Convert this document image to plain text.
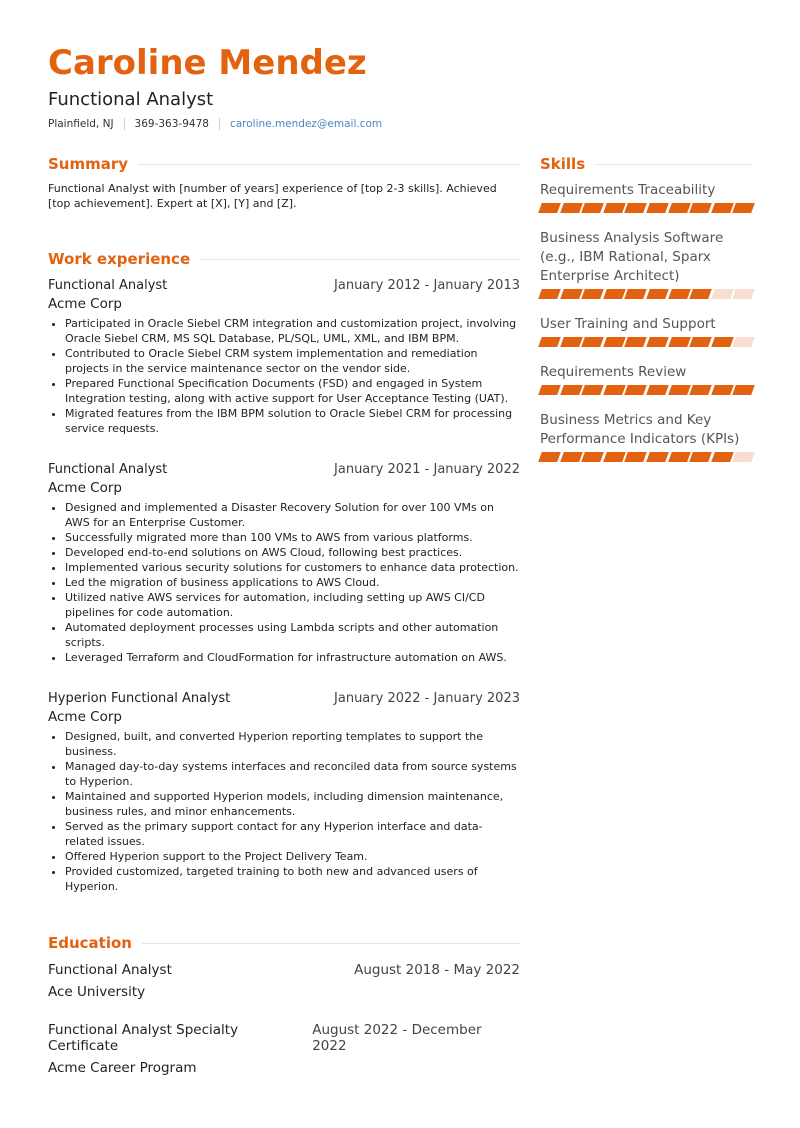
Caroline Mendez
Functional Analyst
Plainfield, NJ 369-363-9478 caroline.mendez@email.com
Summary
Functional Analyst with [number of years] experience of [top 2-3 skills]. Achieved [top achievement]. Expert at [X], [Y] and [Z].
Work experience
Functional Analyst	January 2012 - January 2013
Acme Corp
• Participated in Oracle Siebel CRM integration and customization project, involving Oracle Siebel CRM, MS SQL Database, PL/SQL, UML, XML, and IBM BPM.
• Contributed to Oracle Siebel CRM system implementation and remediation projects in the service maintenance sector on the vendor side.
• Prepared Functional Specification Documents (FSD) and engaged in System Integration testing, along with active support for User Acceptance Testing (UAT).
• Migrated features from the IBM BPM solution to Oracle Siebel CRM for processing service requests.
Functional Analyst	January 2021 - January 2022
Acme Corp
• Designed and implemented a Disaster Recovery Solution for over 100 VMs on AWS for an Enterprise Customer.
• Successfully migrated more than 100 VMs to AWS from various platforms.
• Developed end-to-end solutions on AWS Cloud, following best practices.
• Implemented various security solutions for customers to enhance data protection.
• Led the migration of business applications to AWS Cloud.
• Utilized native AWS services for automation, including setting up AWS CI/CD pipelines for code automation.
• Automated deployment processes using Lambda scripts and other automation scripts.
• Leveraged Terraform and CloudFormation for infrastructure automation on AWS.
Hyperion Functional Analyst	January 2022 - January 2023
Acme Corp
• Designed, built, and converted Hyperion reporting templates to support the business.
• Managed day-to-day systems interfaces and reconciled data from source systems to Hyperion.
• Maintained and supported Hyperion models, including dimension maintenance, business rules, and minor enhancements.
• Served as the primary support contact for any Hyperion interface and data-related issues.
• Offered Hyperion support to the Project Delivery Team.
• Provided customized, targeted training to both new and advanced users of Hyperion.
Education
Functional Analyst	August 2018 - May 2022
Ace University
Functional Analyst Specialty Certificate
August 2022 - December 2022
Acme Career Program
Skills
Requirements Traceability
Business Analysis Software (e.g., IBM Rational, Sparx Enterprise Architect)
User Training and Support
Requirements Review
Business Metrics and Key Performance Indicators (KPIs)
